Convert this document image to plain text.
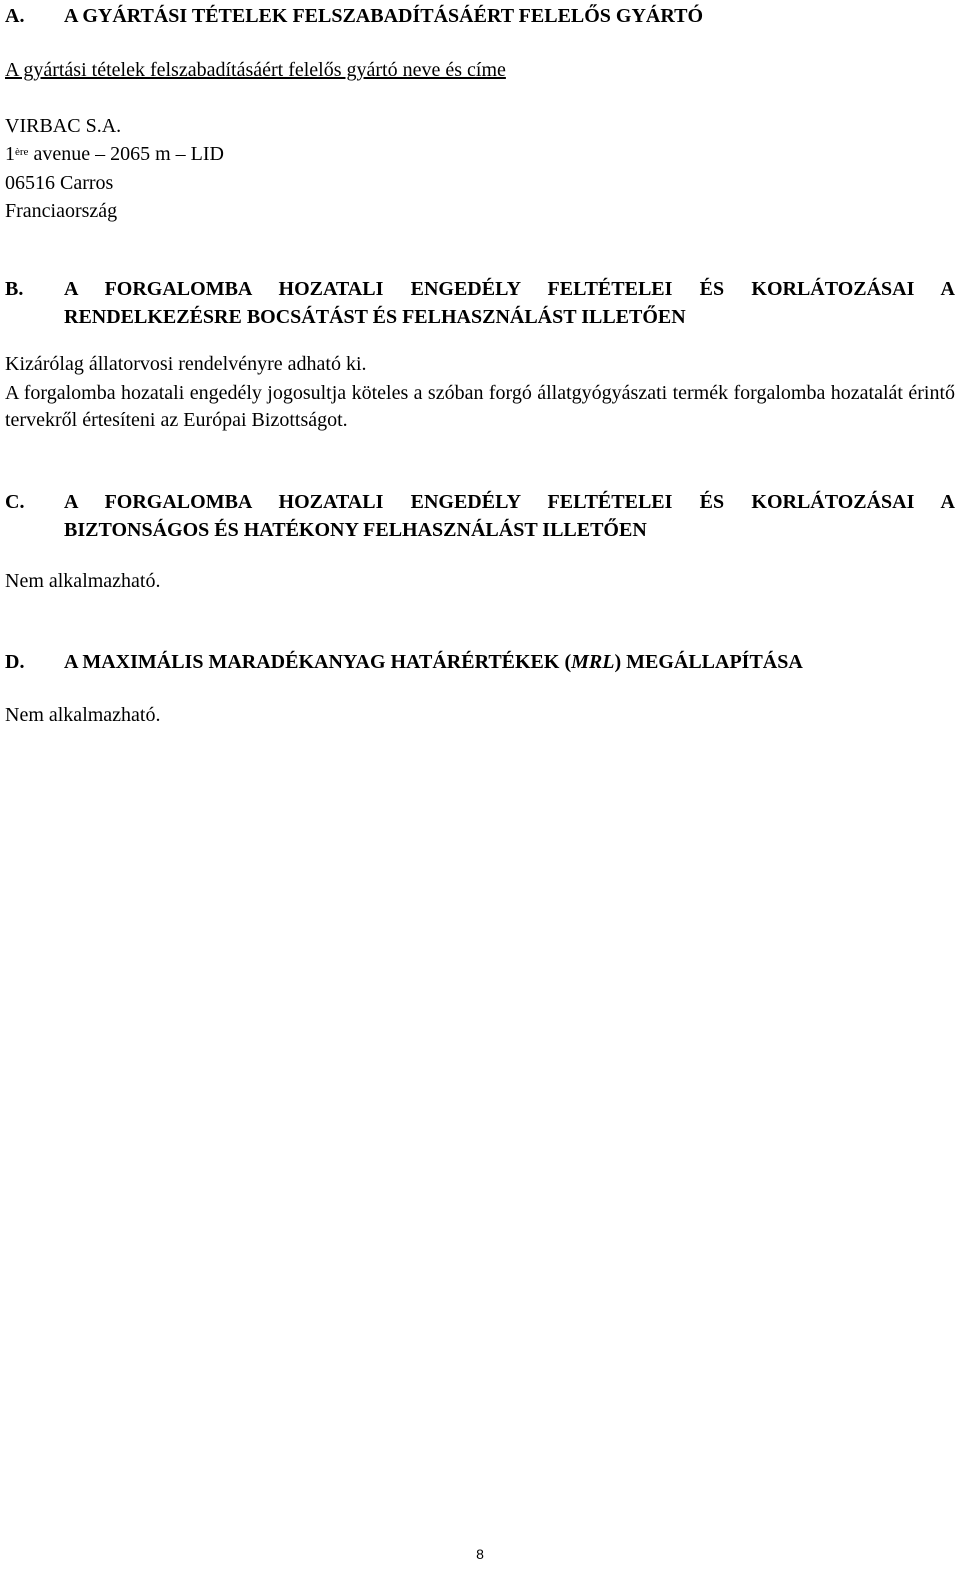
A. A GYÁRTÁSI TÉTELEK FELSZABADÍTÁSÁÉRT FELELŐS GYÁRTÓ
A gyártási tételek felszabadításáért felelős gyártó neve és címe
VIRBAC S.A.
1ère avenue – 2065 m – LID
06516 Carros
Franciaország
B. A FORGALOMBA HOZATALI ENGEDÉLY FELTÉTELEI ÉS KORLÁTOZÁSAI A
RENDELKEZÉSRE BOCSÁTÁST ÉS FELHASZNÁLÁST ILLETŐEN
Kizárólag állatorvosi rendelvényre adható ki.
A forgalomba hozatali engedély jogosultja köteles a szóban forgó állatgyógyászati termék forgalomba hozatalát érintő tervekről értesíteni az Európai Bizottságot.
C. A FORGALOMBA HOZATALI ENGEDÉLY FELTÉTELEI ÉS KORLÁTOZÁSAI A
BIZTONSÁGOS ÉS HATÉKONY FELHASZNÁLÁST ILLETŐEN
Nem alkalmazható.
D. A MAXIMÁLIS MARADÉKANYAG HATÁRÉRTÉKEK (MRL) MEGÁLLAPÍTÁSA
Nem alkalmazható.
8
